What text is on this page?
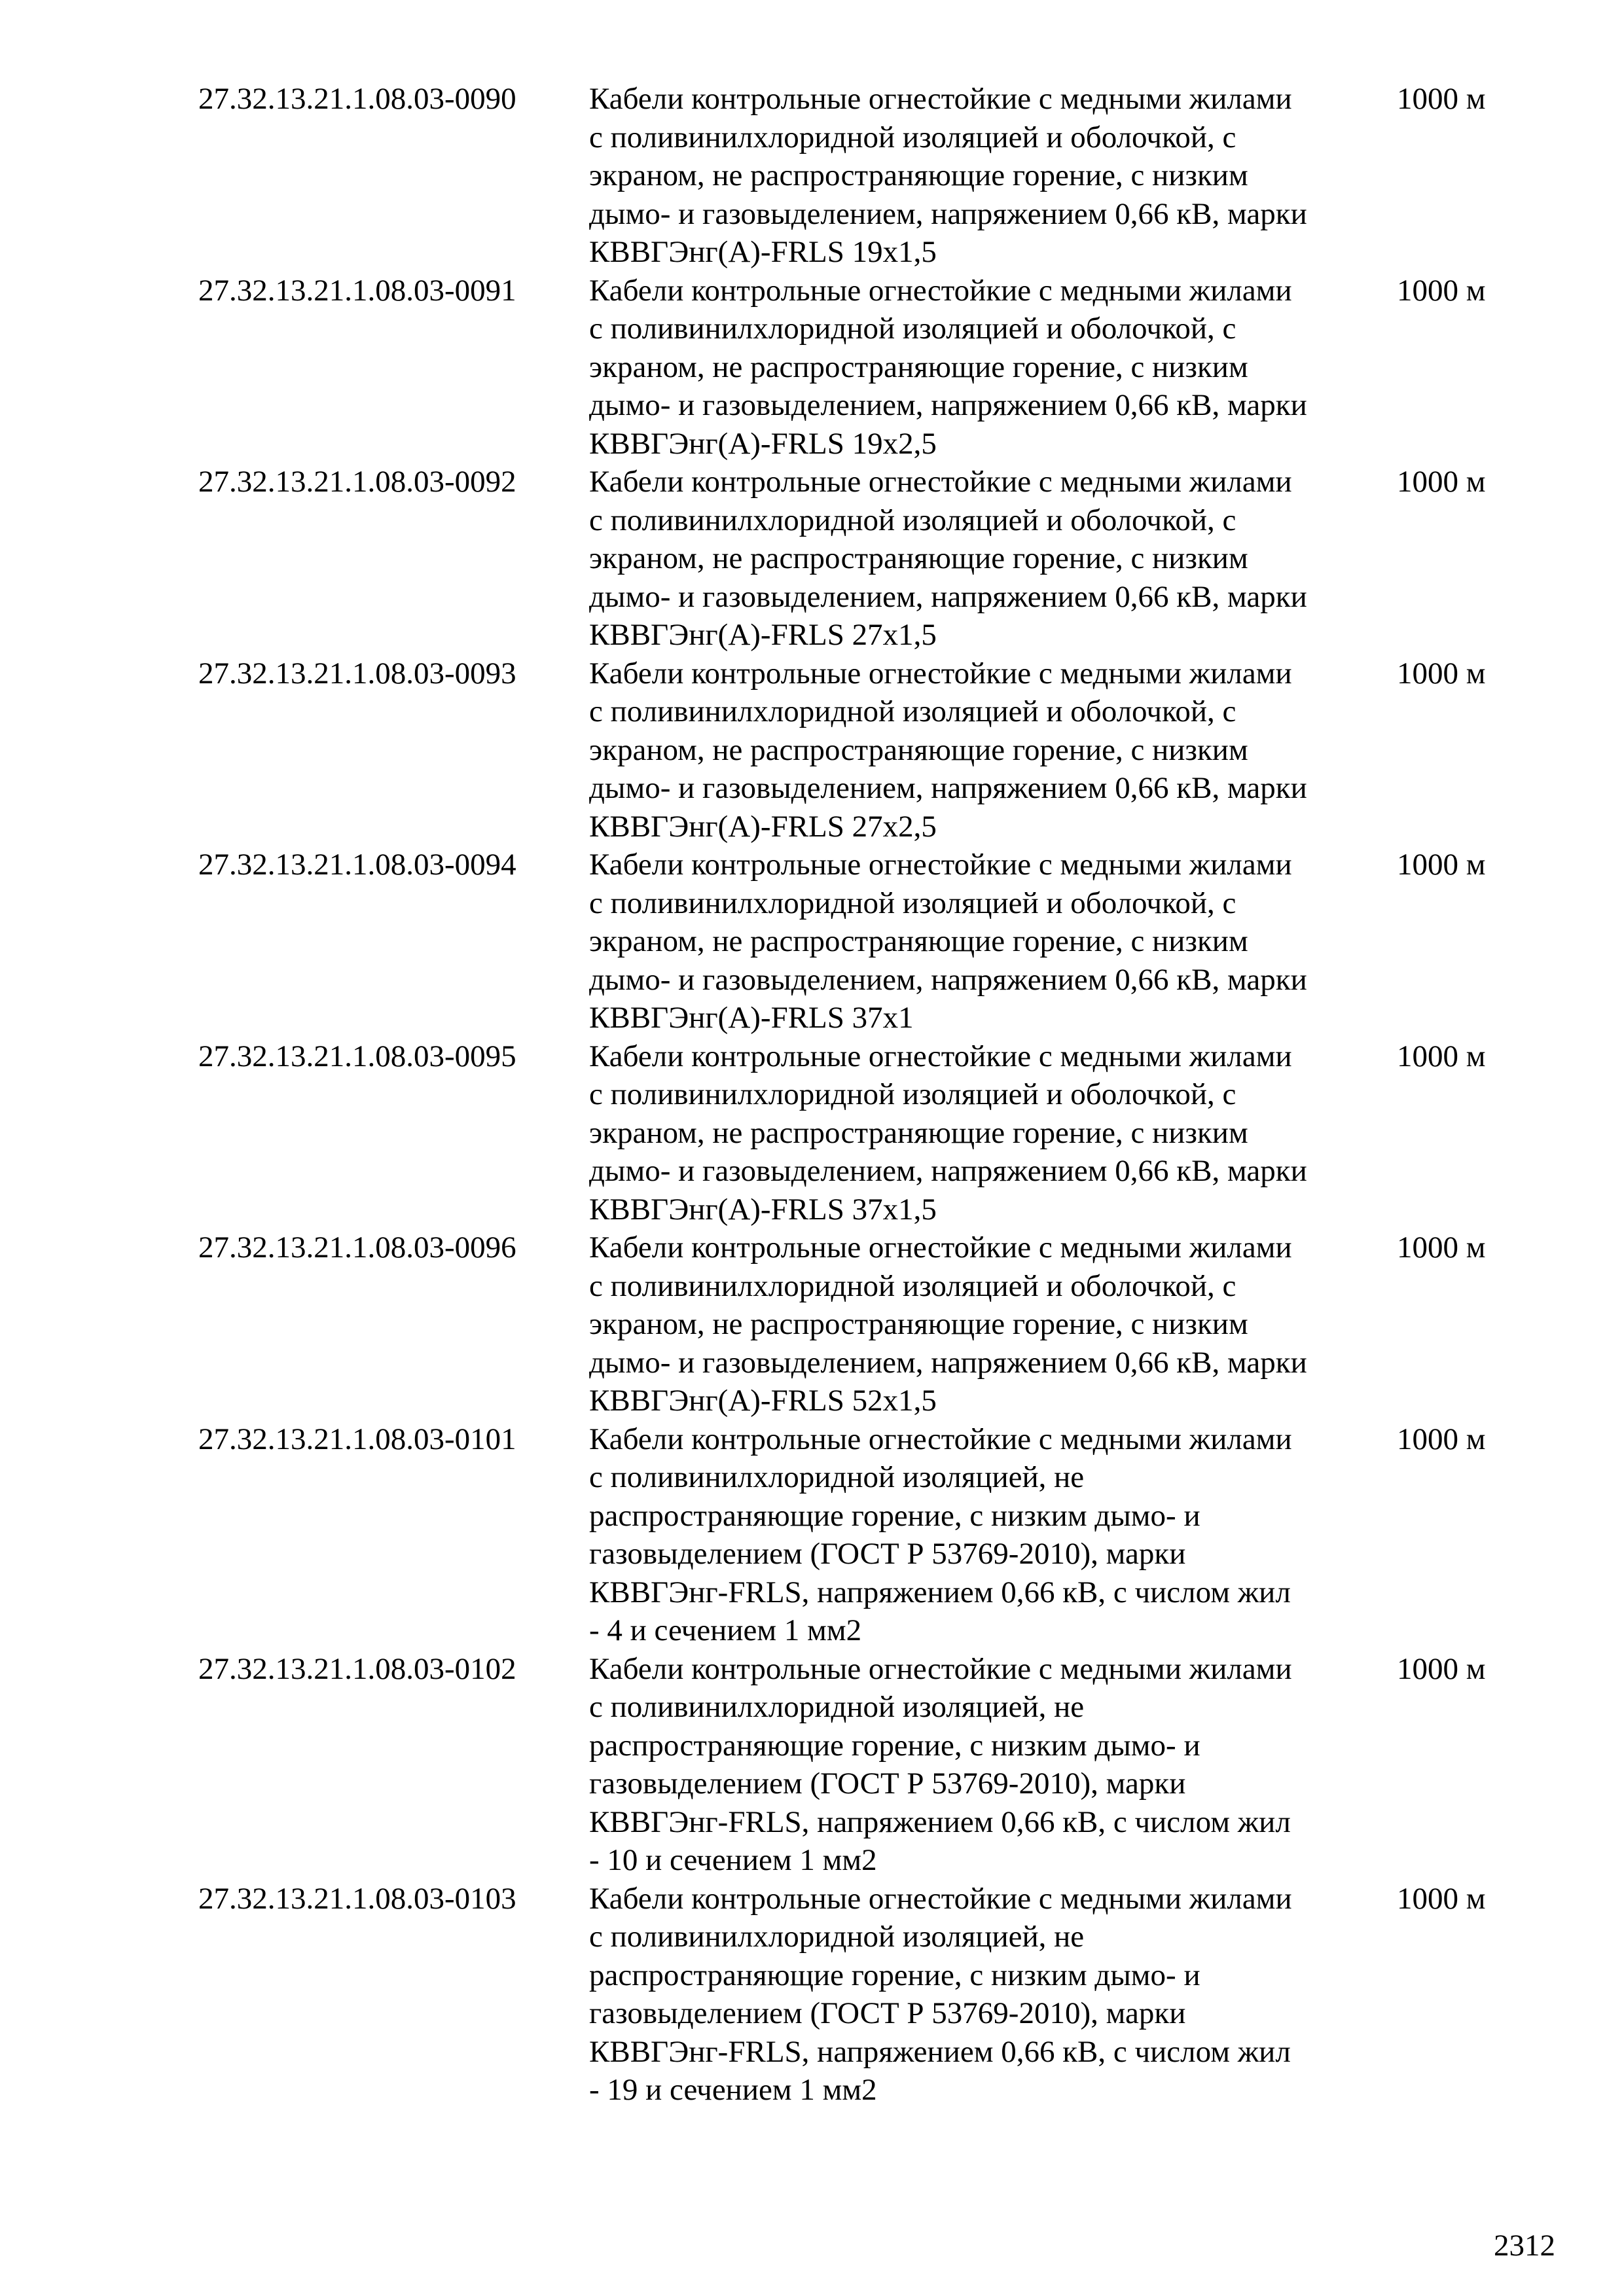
27.32.13.21.1.08.03-0090	Кабели контрольные огнестойкие с медными жилами
с поливинилхлоридной изоляцией и оболочкой, с
экраном, не распространяющие горение, с низким
дымо- и газовыделением, напряжением 0,66 кВ, марки
КВВГЭнг(А)-FRLS 19х1,5
1000 м
27.32.13.21.1.08.03-0091	Кабели контрольные огнестойкие с медными жилами
с поливинилхлоридной изоляцией и оболочкой, с
экраном, не распространяющие горение, с низким
дымо- и газовыделением, напряжением 0,66 кВ, марки
КВВГЭнг(А)-FRLS 19х2,5
1000 м
27.32.13.21.1.08.03-0092	Кабели контрольные огнестойкие с медными жилами
с поливинилхлоридной изоляцией и оболочкой, с
экраном, не распространяющие горение, с низким
дымо- и газовыделением, напряжением 0,66 кВ, марки
КВВГЭнг(А)-FRLS 27х1,5
1000 м
27.32.13.21.1.08.03-0093	Кабели контрольные огнестойкие с медными жилами
с поливинилхлоридной изоляцией и оболочкой, с
экраном, не распространяющие горение, с низким
дымо- и газовыделением, напряжением 0,66 кВ, марки
КВВГЭнг(А)-FRLS 27х2,5
1000 м
27.32.13.21.1.08.03-0094	Кабели контрольные огнестойкие с медными жилами
с поливинилхлоридной изоляцией и оболочкой, с
экраном, не распространяющие горение, с низким
дымо- и газовыделением, напряжением 0,66 кВ, марки
КВВГЭнг(А)-FRLS 37х1
1000 м
27.32.13.21.1.08.03-0095	Кабели контрольные огнестойкие с медными жилами
с поливинилхлоридной изоляцией и оболочкой, с
экраном, не распространяющие горение, с низким
дымо- и газовыделением, напряжением 0,66 кВ, марки
КВВГЭнг(А)-FRLS 37х1,5
1000 м
27.32.13.21.1.08.03-0096	Кабели контрольные огнестойкие с медными жилами
с поливинилхлоридной изоляцией и оболочкой, с
экраном, не распространяющие горение, с низким
дымо- и газовыделением, напряжением 0,66 кВ, марки
КВВГЭнг(А)-FRLS 52х1,5
1000 м
27.32.13.21.1.08.03-0101	Кабели контрольные огнестойкие с медными жилами
с поливинилхлоридной изоляцией, не
распространяющие горение, с низким дымо- и
газовыделением (ГОСТ Р 53769-2010), марки
КВВГЭнг-FRLS, напряжением 0,66 кВ, с числом жил
- 4 и сечением 1 мм2
1000 м
27.32.13.21.1.08.03-0102	Кабели контрольные огнестойкие с медными жилами
с поливинилхлоридной изоляцией, не
распространяющие горение, с низким дымо- и
газовыделением (ГОСТ Р 53769-2010), марки
КВВГЭнг-FRLS, напряжением 0,66 кВ, с числом жил
- 10 и сечением 1 мм2
1000 м
27.32.13.21.1.08.03-0103	Кабели контрольные огнестойкие с медными жилами
с поливинилхлоридной изоляцией, не
распространяющие горение, с низким дымо- и
газовыделением (ГОСТ Р 53769-2010), марки
КВВГЭнг-FRLS, напряжением 0,66 кВ, с числом жил
- 19 и сечением 1 мм2
1000 м
2312
